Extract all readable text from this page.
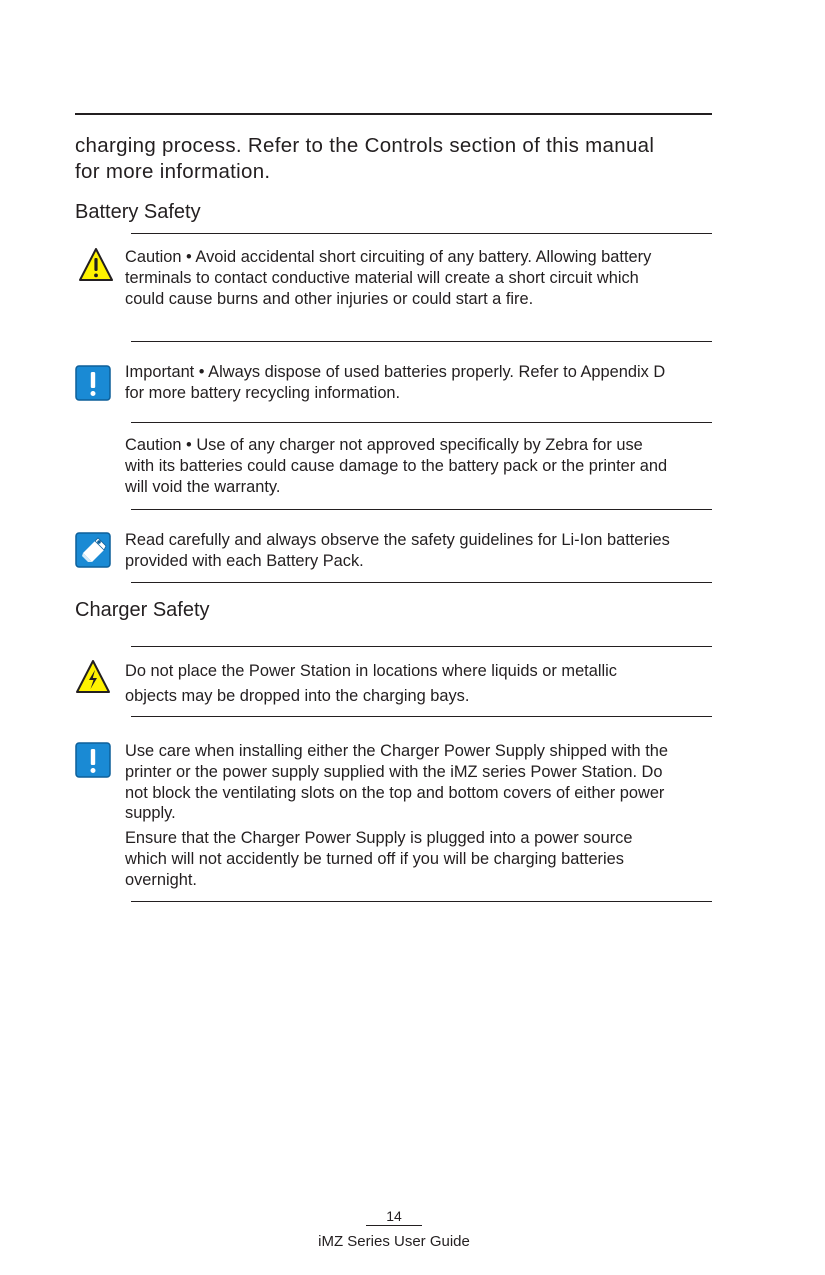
charging process. Refer to the Controls section of this manual
for more information.
Battery Safety
Caution • Avoid accidental short circuiting of any battery. Allowing battery terminals to contact conductive material will create a short circuit which could cause burns and other injuries or could start a fire.
Important • Always dispose of used batteries properly. Refer to Appendix D for more battery recycling information.
Caution • Use of any charger not approved specifically by Zebra for use with its batteries could cause damage to the battery pack or the printer and will void the warranty.
Read carefully and always observe the safety guidelines for Li-Ion batteries provided with each Battery Pack.
Charger Safety
Do not place the Power Station in locations where liquids or metallic objects may be dropped into the charging bays.
Use care when installing either the Charger Power Supply shipped with the printer or the power supply supplied with the iMZ series Power Station. Do not block the ventilating slots on the top and bottom covers of either power supply.
Ensure that the Charger Power Supply is plugged into a power source which will not accidently be turned off if you will be charging batteries overnight.
14
iMZ Series User Guide
